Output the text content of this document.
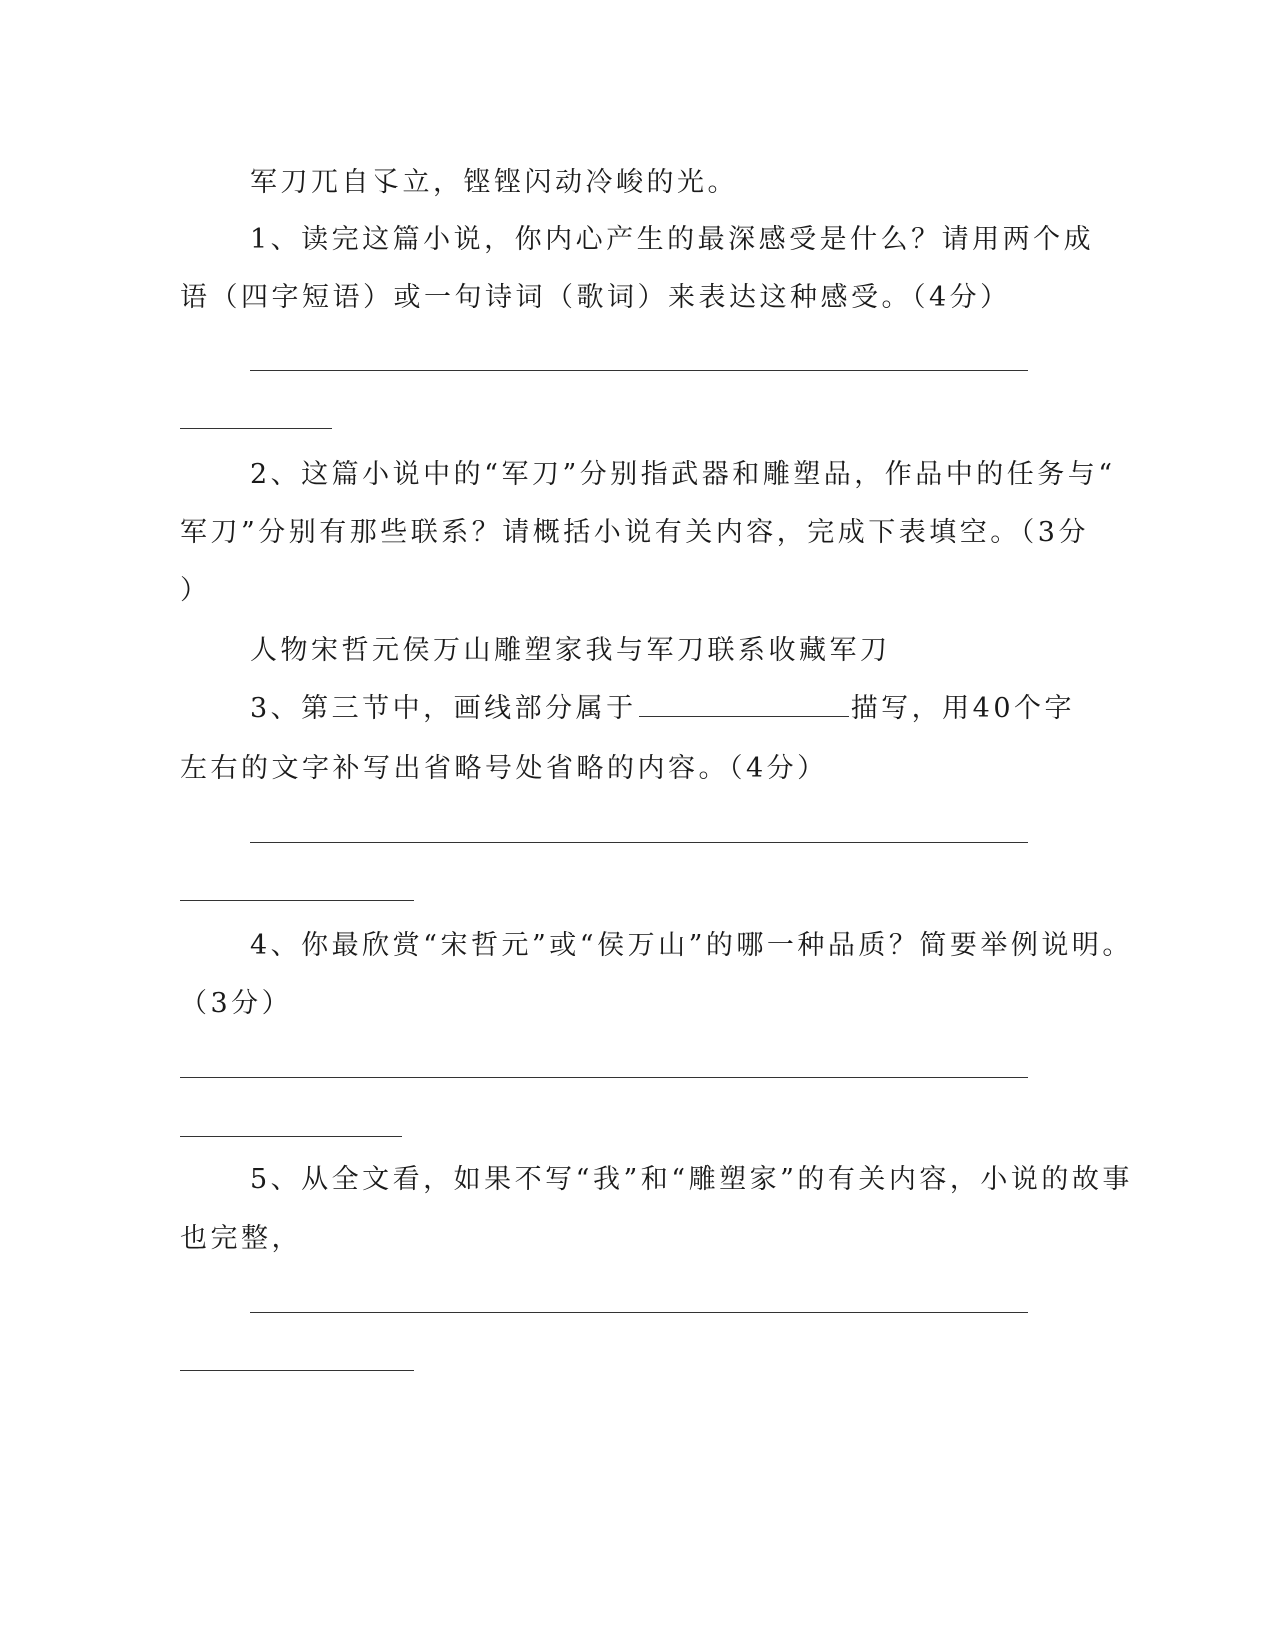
军刀兀自孓立，铿铿闪动冷峻的光。
1、读完这篇小说，你内心产生的最深感受是什么？请用两个成
语（四字短语）或一句诗词（歌词）来表达这种感受。（4分）
2、这篇小说中的“军刀”分别指武器和雕塑品，作品中的任务与“
军刀”分别有那些联系？请概括小说有关内容，完成下表填空。（3分
）
人物宋哲元侯万山雕塑家我与军刀联系收藏军刀
3、第三节中，画线部分属于	描写，用40个字
左右的文字补写出省略号处省略的内容。（4分）
4、你最欣赏“宋哲元”或“侯万山”的哪一种品质？简要举例说明。
（3分）
5、从全文看，如果不写“我”和“雕塑家”的有关内容，小说的故事
也完整，
